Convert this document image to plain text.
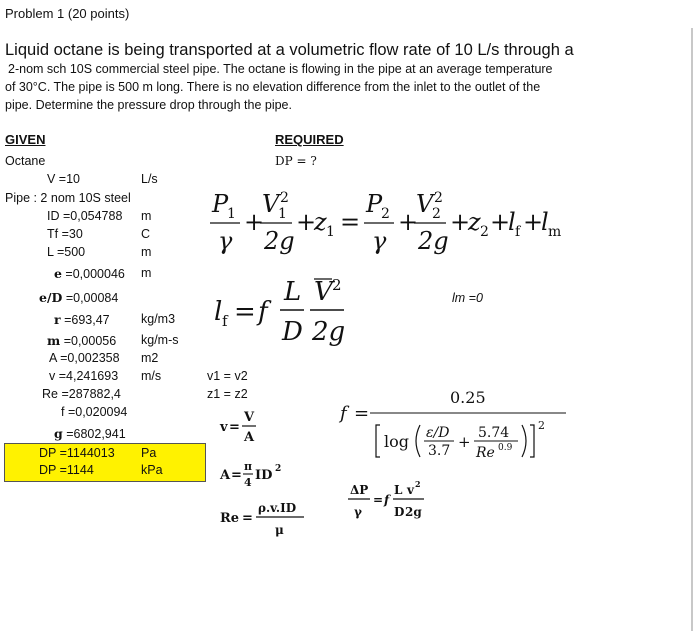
Problem 1 (20 points)
Liquid octane is being transported at a volumetric flow rate of 10 L/s through a
2-nom sch 10S commercial steel pipe. The octane is flowing in the pipe at an average temperature
of 30°C. The pipe is 500 m long. There is no elevation difference from the inlet to the outlet of the
pipe. Determine the pressure drop through the pipe.
GIVEN
Octane
Pipe : 2 nom 10S steel
V =10	L/s
ID =0,054788 m
Tf =30	C
L =500	m
e =0,000046 m
e/D =0,00084
r =693,47	kg/m3
m =0,00056 kg/m-s
A =0,002358 m2
v =4,241693 m/s
Re =287882,4
f =0,020094
g =6802,941
DP =1144013 Pa
DP =1144	kPa
REQUIRED
DP = ?
P
1
γ
+
V 2
1
2g
+
z 1 =
P
2
γ
+
V 2
2
2g
+
z 2 +
l f +
l m
l f = f
L
D
V 2
2g
lm =0
v1 = v2
z1 = z2
f =
0.25
log ε/D
3.7 + 5.74
Re 0.9
2
v =
V
A
A =
π
4 ID 2
Re =
ρ.v.ID
μ
ΔP
γ
= f
L v 2
D 2g
